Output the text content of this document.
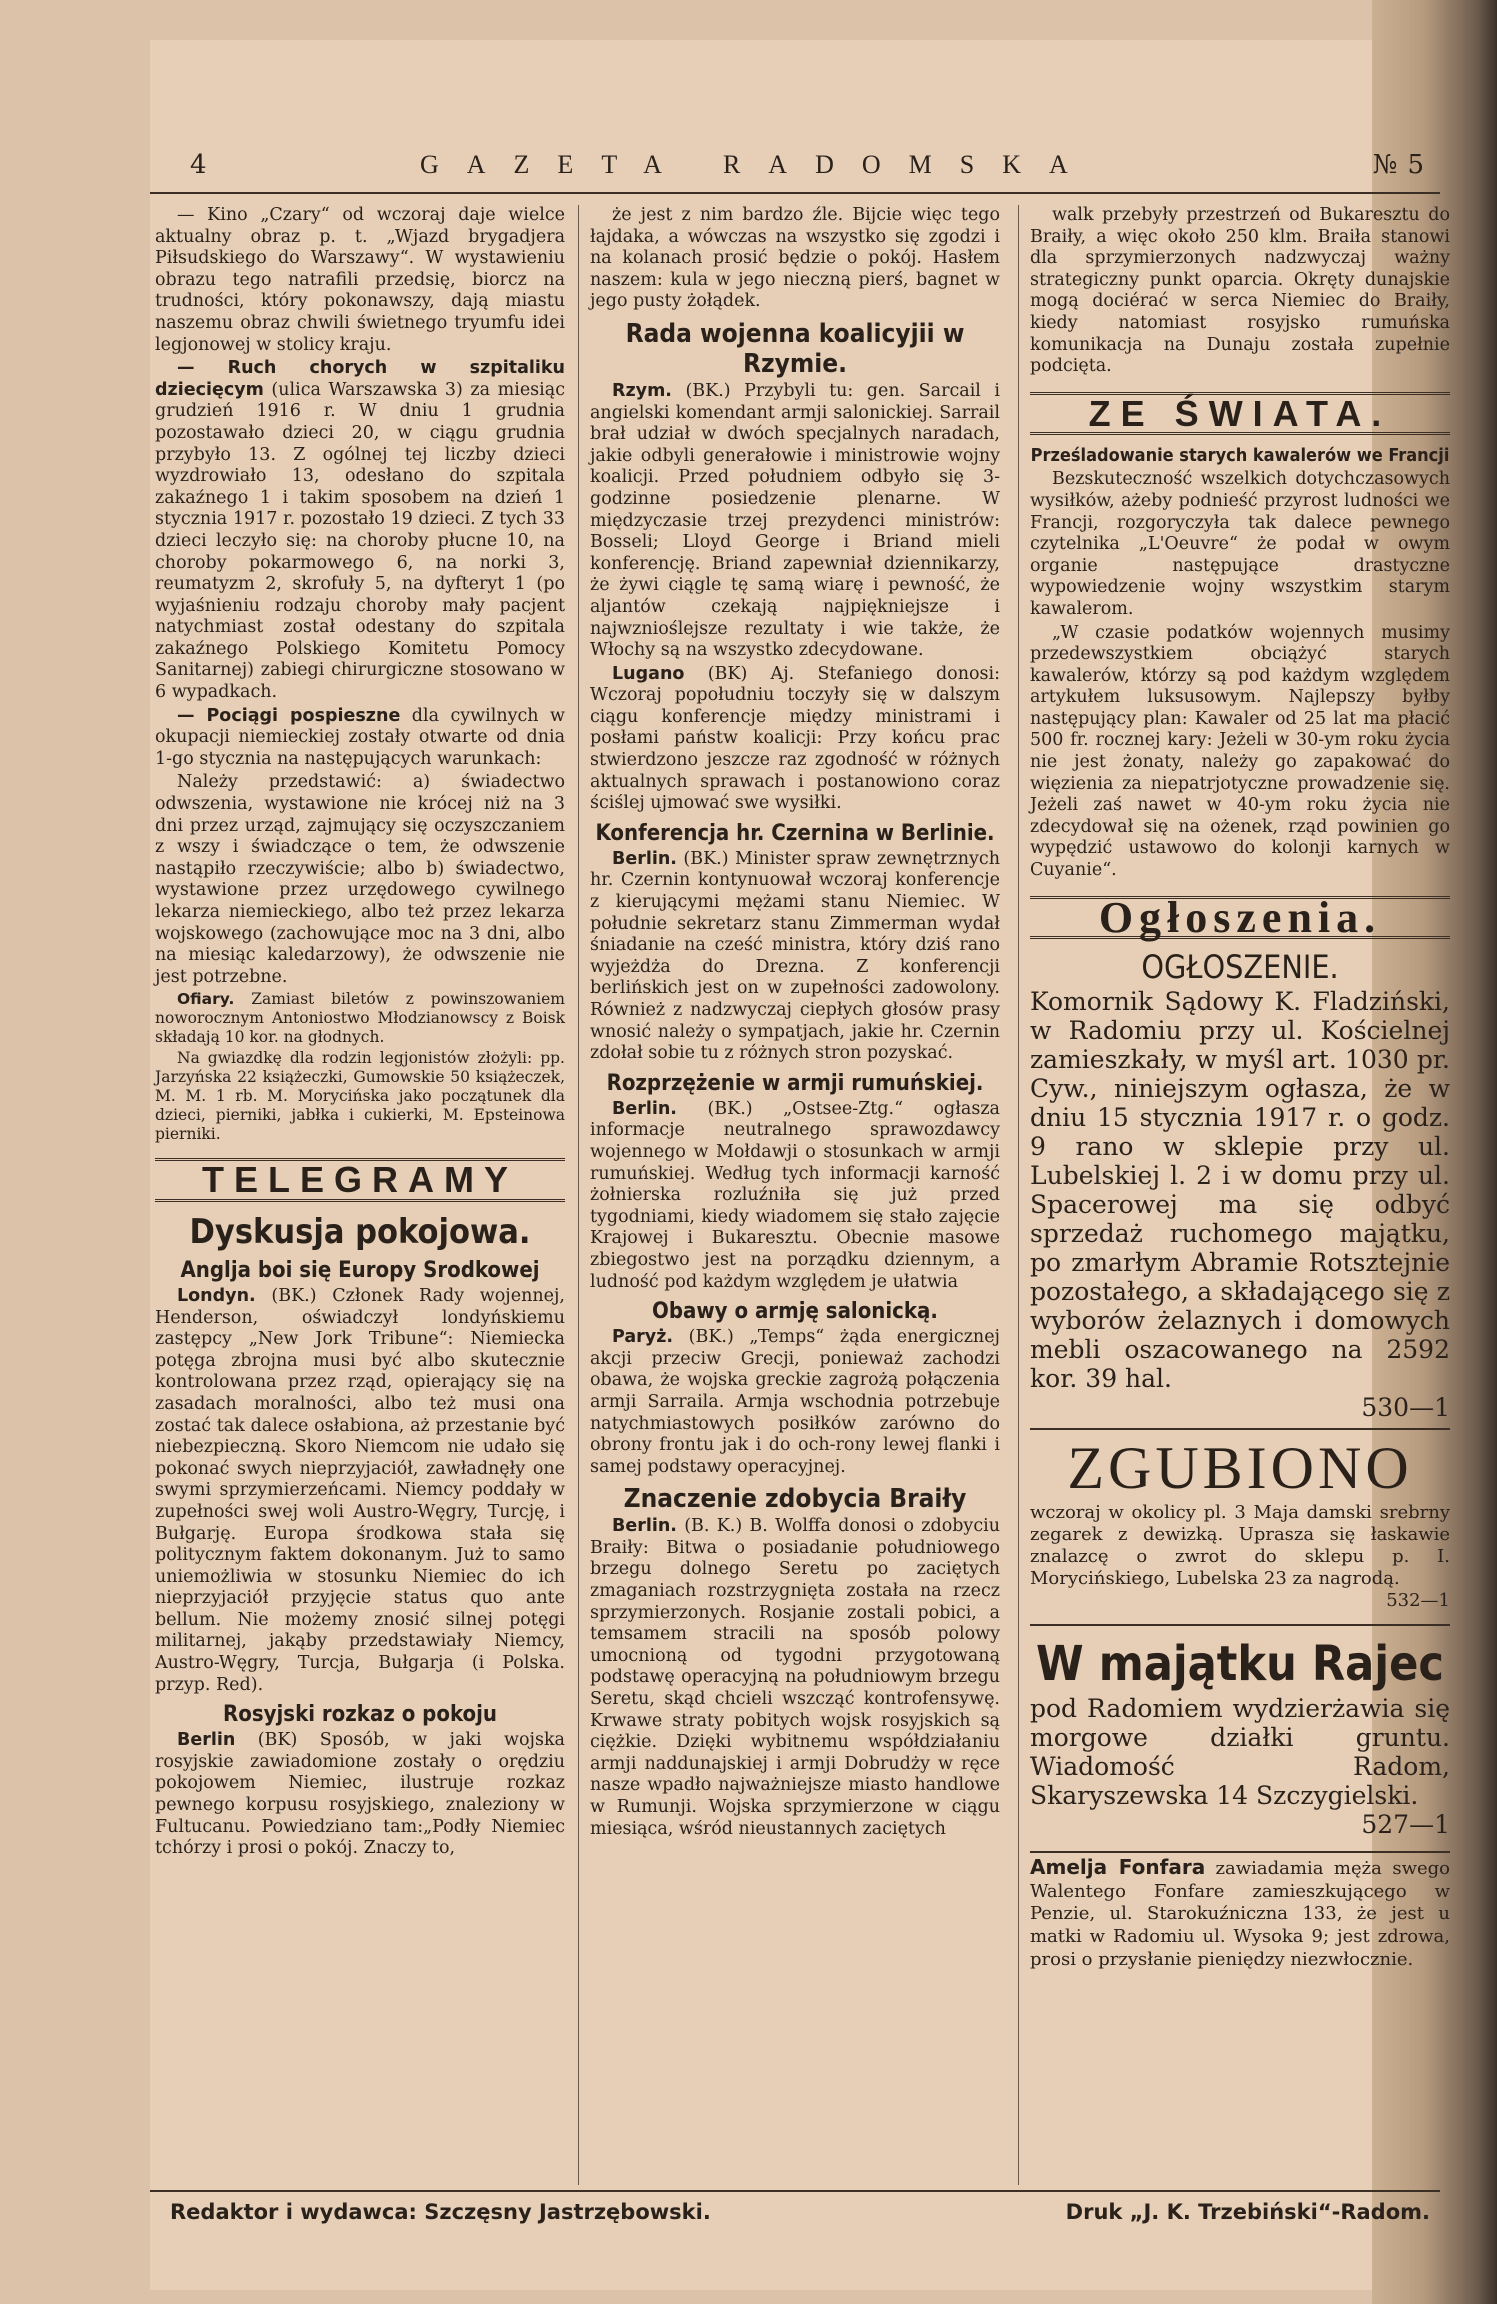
4	GAZETA RADOMSKA	№ 5

— Kino „Czary“ od wczoraj daje wielce aktualny obraz p. t. „Wjazd brygadjera Piłsudskiego do Warszawy“. W wystawieniu obrazu tego natrafili przedsię, biorcz na trudności, który pokonawszy, dają miastu naszemu obraz chwili świetnego tryumfu idei legjonowej w stolicy kraju.

— Ruch chorych w szpitaliku dziecięcym (ulica Warszawska 3) za miesiąc grudzień 1916 r. W dniu 1 grudnia pozostawało dzieci 20, w ciągu grudnia przybyło 13. Z ogólnej tej liczby dzieci wyzdrowiało 13, odesłano do szpitala zakaźnego 1 i takim sposobem na dzień 1 stycznia 1917 r. pozostało 19 dzieci. Z tych 33 dzieci leczyło się: na choroby płucne 10, na choroby pokarmowego 6, na norki 3, reumatyzm 2, skrofuły 5, na dyfteryt 1 (po wyjaśnieniu rodzaju choroby mały pacjent natychmiast został odestany do szpitala zakaźnego Polskiego Komitetu Pomocy Sanitarnej) zabiegi chirurgiczne stosowano w 6 wypadkach.

— Pociągi pospieszne dla cywilnych w okupacji niemieckiej zostały otwarte od dnia 1-go stycznia na następujących warunkach:

Należy przedstawić: a) świadectwo odwszenia, wystawione nie krócej niż na 3 dni przez urząd, zajmujący się oczyszczaniem z wszy i świadczące o tem, że odwszenie nastąpiło rzeczywiście; albo b) świadectwo, wystawione przez urzędowego cywilnego lekarza niemieckiego, albo też przez lekarza wojskowego (zachowujące moc na 3 dni, albo na miesiąc kaledarzowy), że odwszenie nie jest potrzebne.

Ofiary. Zamiast biletów z powinszowaniem noworocznym Antoniostwo Młodzianowscy z Boisk składają 10 kor. na głodnych.

Na gwiazdkę dla rodzin legjonistów złożyli: pp. Jarzyńska 22 książeczki, Gumowskie 50 książeczek, M. M. 1 rb. M. Morycińska jako początunek dla dzieci, pierniki, jabłka i cukierki, M. Epsteinowa pierniki.

TELEGRAMY
Dyskusja pokojowa.
Anglja boi się Europy Srodkowej

Londyn. (BK.) Członek Rady wojennej, Henderson, oświadczył londyńskiemu zastępcy „New Jork Tribune“: Niemiecka potęga zbrojna musi być albo skutecznie kontrolowana przez rząd, opierający się na zasadach moralności, albo też musi ona zostać tak dalece osłabiona, aż przestanie być niebezpieczną. Skoro Niemcom nie udało się pokonać swych nieprzyjaciół, zawładnęły one swymi sprzymierzeńcami. Niemcy poddały w zupełności swej woli Austro-Węgry, Turcję, i Bułgarję. Europa środkowa stała się politycznym faktem dokonanym. Już to samo uniemożliwia w stosunku Niemiec do ich nieprzyjaciół przyjęcie status quo ante bellum. Nie możemy znosić silnej potęgi militarnej, jakąby przedstawiały Niemcy, Austro-Węgry, Turcja, Bułgarja (i Polska. przyp. Red).

Rosyjski rozkaz o pokoju

Berlin (BK) Sposób, w jaki wojska rosyjskie zawiadomione zostały o orędziu pokojowem Niemiec, ilustruje rozkaz pewnego korpusu rosyjskiego, znaleziony w Fultucanu. Powiedziano tam:„Podły Niemiec tchórzy i prosi o pokój. Znaczy to,

że jest z nim bardzo źle. Bijcie więc tego łajdaka, a wówczas na wszystko się zgodzi i na kolanach prosić będzie o pokój. Hasłem naszem: kula w jego nieczną pierś, bagnet w jego pusty żołądek.

Rada wojenna koalicyjii w Rzymie.

Rzym. (BK.) Przybyli tu: gen. Sarcail i angielski komendant armji salonickiej. Sarrail brał udział w dwóch specjalnych naradach, jakie odbyli generałowie i ministrowie wojny koalicji. Przed południem odbyło się 3-godzinne posiedzenie plenarne. W międzyczasie trzej prezydenci ministrów: Bosseli; Lloyd George i Briand mieli konferencję. Briand zapewniał dziennikarzy, że żywi ciągle tę samą wiarę i pewność, że aljantów czekają najpiękniejsze i najwznioślejsze rezultaty i wie także, że Włochy są na wszystko zdecydowane.

Lugano (BK) Aj. Stefaniego donosi: Wczoraj popołudniu toczyły się w dalszym ciągu konferencje między ministrami i posłami państw koalicji: Przy końcu prac stwierdzono jeszcze raz zgodność w różnych aktualnych sprawach i postanowiono coraz ściślej ujmować swe wysiłki.

Konferencja hr. Czernina w Berlinie.

Berlin. (BK.) Minister spraw zewnętrznych hr. Czernin kontynuował wczoraj konferencje z kierującymi mężami stanu Niemiec. W południe sekretarz stanu Zimmerman wydał śniadanie na cześć ministra, który dziś rano wyjeżdża do Drezna. Z konferencji berlińskich jest on w zupełności zadowolony. Również z nadzwyczaj ciepłych głosów prasy wnosić należy o sympatjach, jakie hr. Czernin zdołał sobie tu z różnych stron pozyskać.

Rozprzężenie w armji rumuńskiej.

Berlin. (BK.) „Ostsee-Ztg.“ ogłasza informacje neutralnego sprawozdawcy wojennego w Mołdawji o stosunkach w armji rumuńskiej. Według tych informacji karność żołnierska rozluźniła się już przed tygodniami, kiedy wiadomem się stało zajęcie Krajowej i Bukaresztu. Obecnie masowe zbiegostwo jest na porządku dziennym, a ludność pod każdym względem je ułatwia

Obawy o armję salonicką.

Paryż. (BK.) „Temps“ żąda energicznej akcji przeciw Grecji, ponieważ zachodzi obawa, że wojska greckie zagrożą połączenia armji Sarraila. Armja wschodnia potrzebuje natychmiastowych posiłków zarówno do obrony frontu jak i do och-rony lewej flanki i samej podstawy operacyjnej.

Znaczenie zdobycia Braiły

Berlin. (B. K.) B. Wolffa donosi o zdobyciu Braiły: Bitwa o posiadanie południowego brzegu dolnego Seretu po zaciętych zmaganiach rozstrzygnięta została na rzecz sprzymierzonych. Rosjanie zostali pobici, a temsamem stracili na sposób polowy umocnioną od tygodni przygotowaną podstawę operacyjną na południowym brzegu Seretu, skąd chcieli wszcząć kontrofensywę. Krwawe straty pobitych wojsk rosyjskich są ciężkie. Dzięki wybitnemu współdziałaniu armji naddunajskiej i armji Dobrudży w ręce nasze wpadło najważniejsze miasto handlowe w Rumunji. Wojska sprzymierzone w ciągu miesiąca, wśród nieustannych zaciętych

walk przebyły przestrzeń od Bukaresztu do Braiły, a więc około 250 klm. Braiła stanowi dla sprzymierzonych nadzwyczaj ważny strategiczny punkt oparcia. Okręty dunajskie mogą dociérać w serca Niemiec do Braiły, kiedy natomiast rosyjsko rumuńska komunikacja na Dunaju została zupełnie podcięta.

ZE ŚWIATA.
Prześladowanie starych kawalerów we Francji

Bezskuteczność wszelkich dotychczasowych wysiłków, ażeby podnieść przyrost ludności we Francji, rozgoryczyła tak dalece pewnego czytelnika „L'Oeuvre“ że podał w owym organie następujące drastyczne wypowiedzenie wojny wszystkim starym kawalerom.

„W czasie podatków wojennych musimy przedewszystkiem obciążyć starych kawalerów, którzy są pod każdym względem artykułem luksusowym. Najlepszy byłby następujący plan: Kawaler od 25 lat ma płacić 500 fr. rocznej kary: Jeżeli w 30-ym roku życia nie jest żonaty, należy go zapakować do więzienia za niepatrjotyczne prowadzenie się. Jeżeli zaś nawet w 40-ym roku życia nie zdecydował się na ożenek, rząd powinien go wypędzić ustawowo do kolonji karnych w Cuyanie“.

Ogłoszenia.
OGŁOSZENIE.
Komornik Sądowy K. Fladziński, w Radomiu przy ul. Kościelnej zamieszkały, w myśl art. 1030 pr. Cyw., niniejszym ogłasza, że w dniu 15 stycznia 1917 r. o godz. 9 rano w sklepie przy ul. Lubelskiej l. 2 i w domu przy ul. Spacerowej ma się odbyć sprzedaż ruchomego majątku, po zmarłym Abramie Rotsztejnie pozostałego, a składającego się z wyborów żelaznych i domowych mebli oszacowanego na 2592 kor. 39 hal.
530—1
ZGUBIONO
wczoraj w okolicy pl. 3 Maja damski srebrny zegarek z dewizką. Uprasza się łaskawie znalazcę o zwrot do sklepu p. I. Morycińskiego, Lubelska 23 za nagrodą.
532—1
W majątku Rajec
pod Radomiem wydzierżawia się morgowe działki gruntu. Wiadomość Radom, Skaryszewska 14 Szczygielski.
527—1
Amelja Fonfara zawiadamia męża swego Walentego Fonfare zamieszkującego w Penzie, ul. Starokuźniczna 133, że jest u matki w Radomiu ul. Wysoka 9; jest zdrowa, prosi o przysłanie pieniędzy niezwłocznie.
Redaktor i wydawca: Szczęsny Jastrzębowski.	Druk „J. K. Trzebiński“-Radom.
